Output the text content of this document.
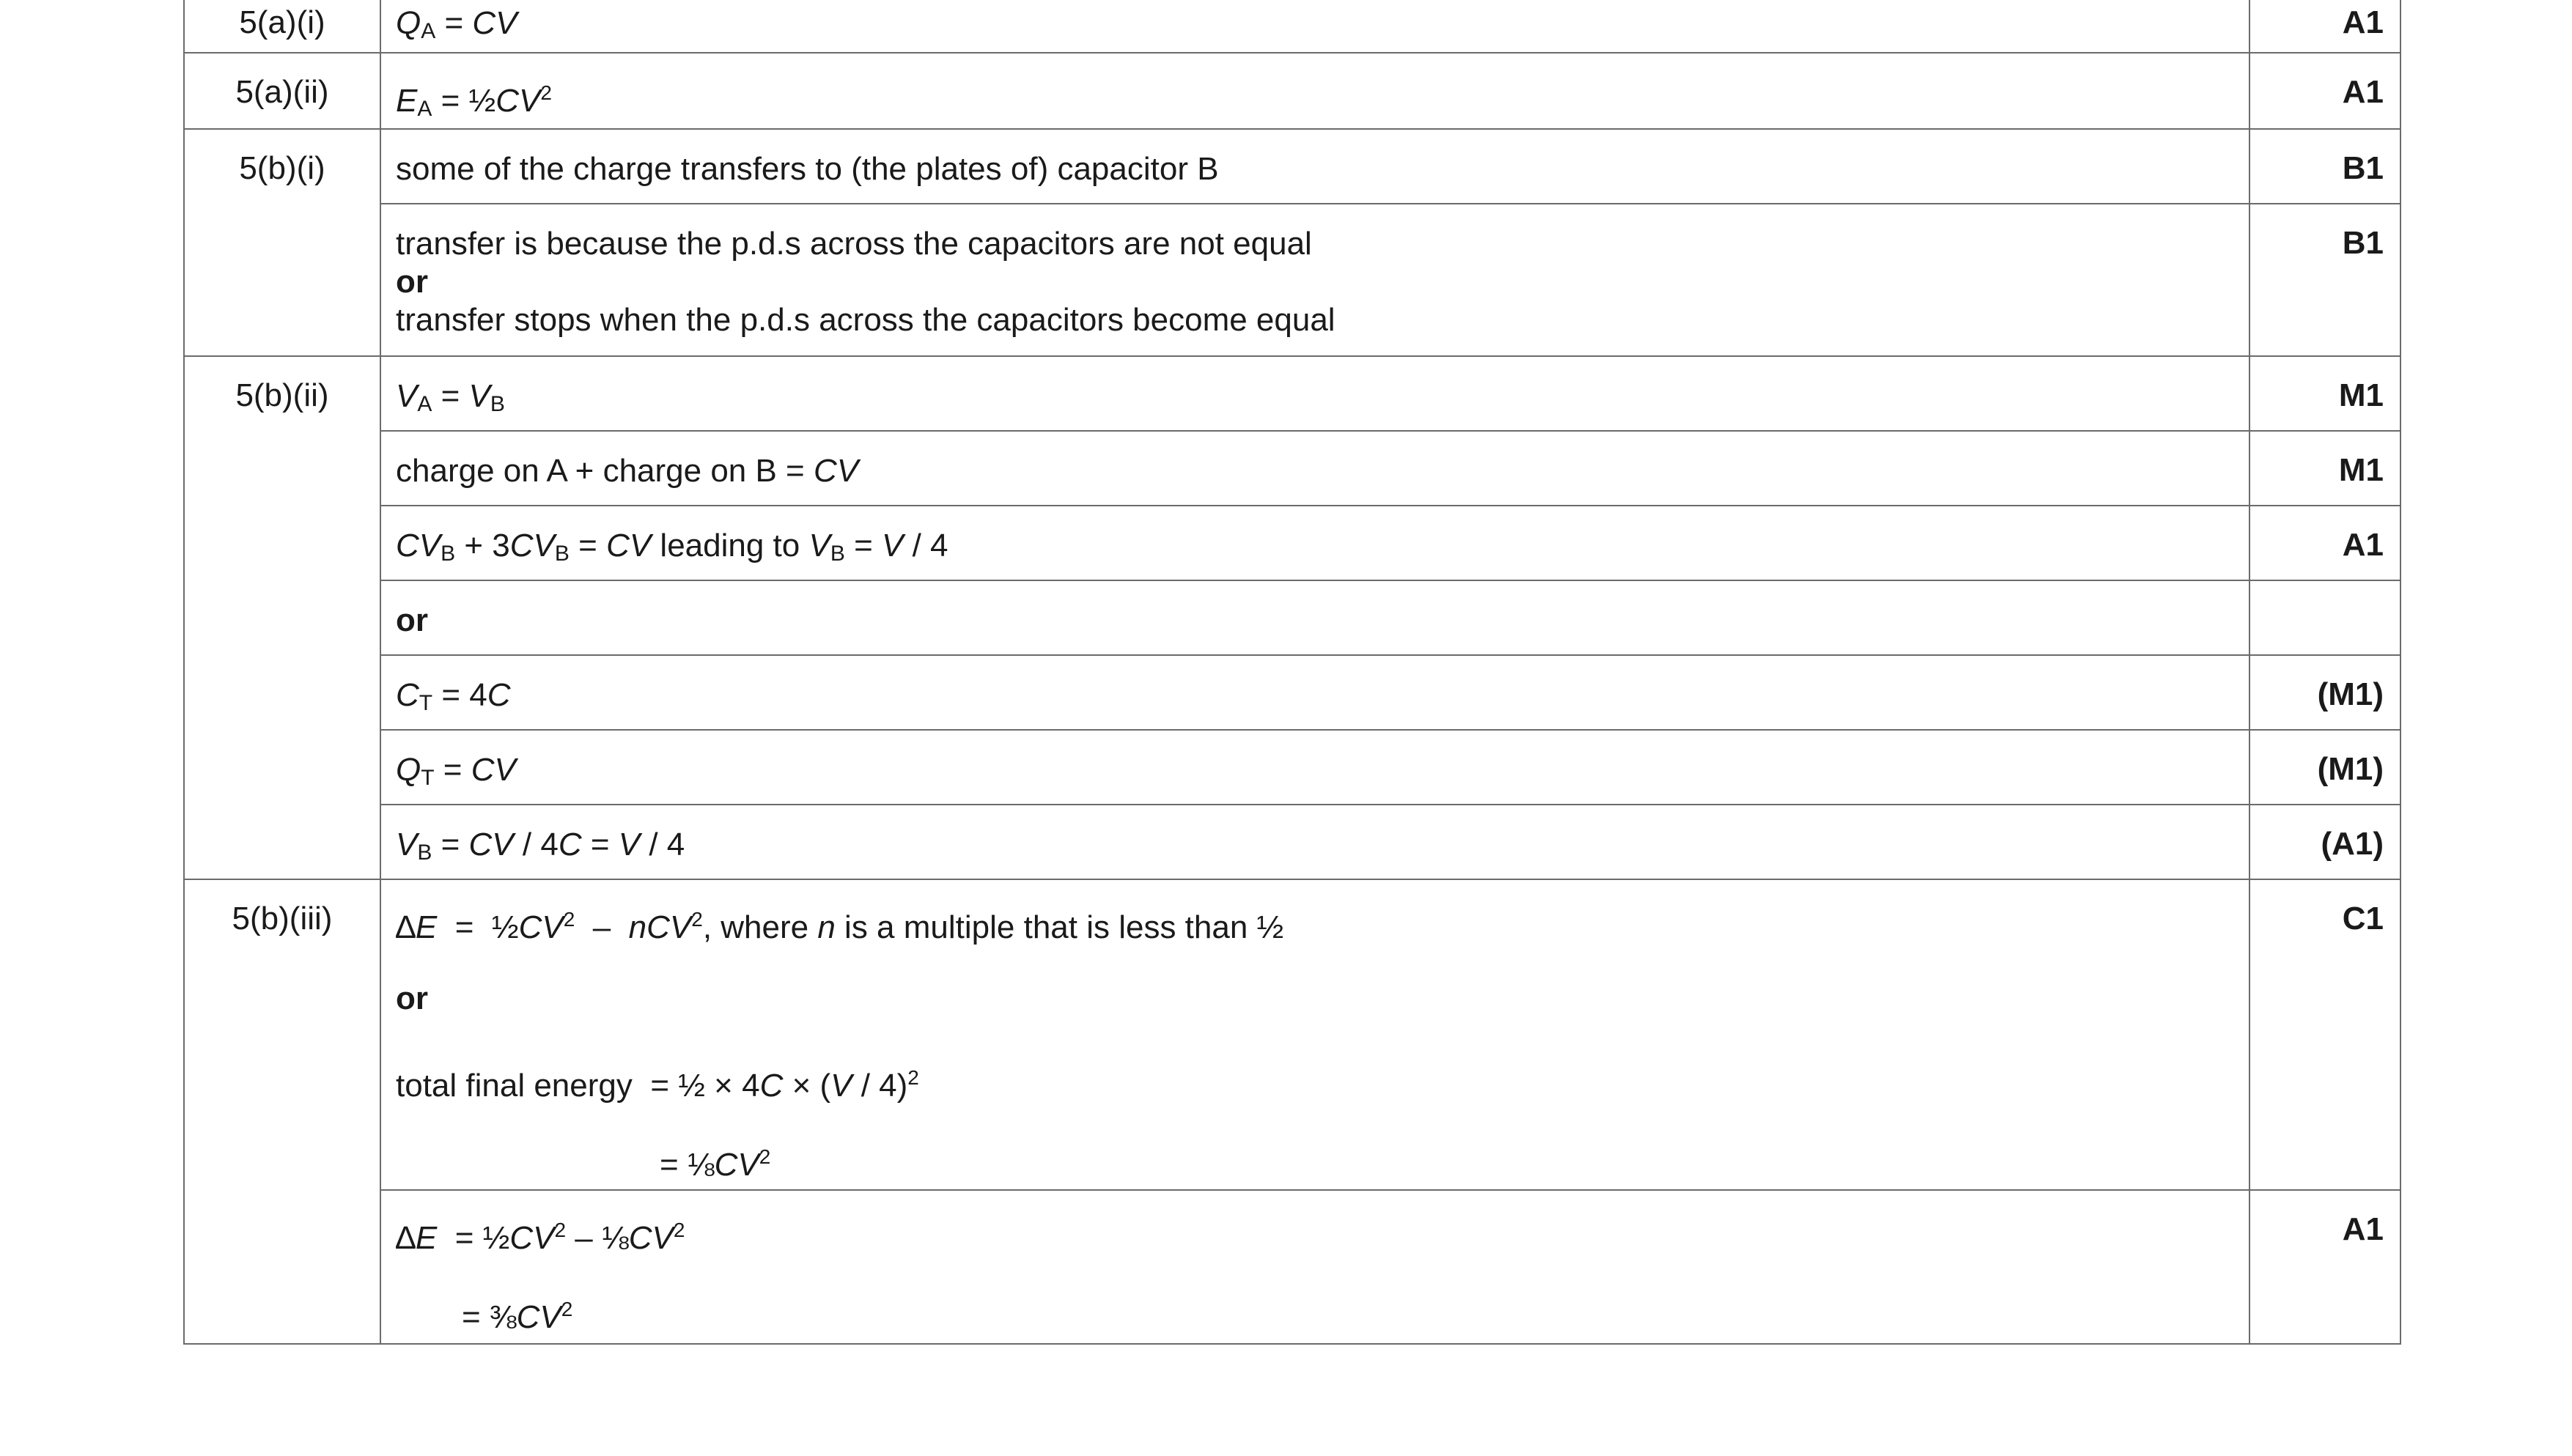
5(a)(i)	$Q_A$ = CV	A1
5(a)(ii)	$E_A$ = $\frac{1}{2}CV^2$	A1
5(b)(i)	some of the charge transfers to (the plates of) capacitor B	B1

	transfer is because the p.d.s across the capacitors are not equal
or
transfer stops when the p.d.s across the capacitors become equal	B1
5(b)(ii)	$V_A = V_B$	M1
	charge on A + charge on B = CV	M1
	$CV_B + 3CV_B$ = CV leading to $V_B = V / 4$	A1
	or	
	$C_T = 4C$	(M1)
	$Q_T$ = CV	(M1)
	$V_B$ = CV / 4C = V / 4	(A1)
5(b)(iii)	$\Delta E = \frac{1}{2}CV^2 - nCV^2$, where n is a multiple that is less than ½
or
total final energy  = ½ × 4C × (V / 4)$^2$
= $\frac{1}{8}CV^2$	C1

	$\Delta E = \frac{1}{2}CV^2$ – $\frac{1}{8}CV^2$
= $\frac{3}{8}CV^2$	A1
